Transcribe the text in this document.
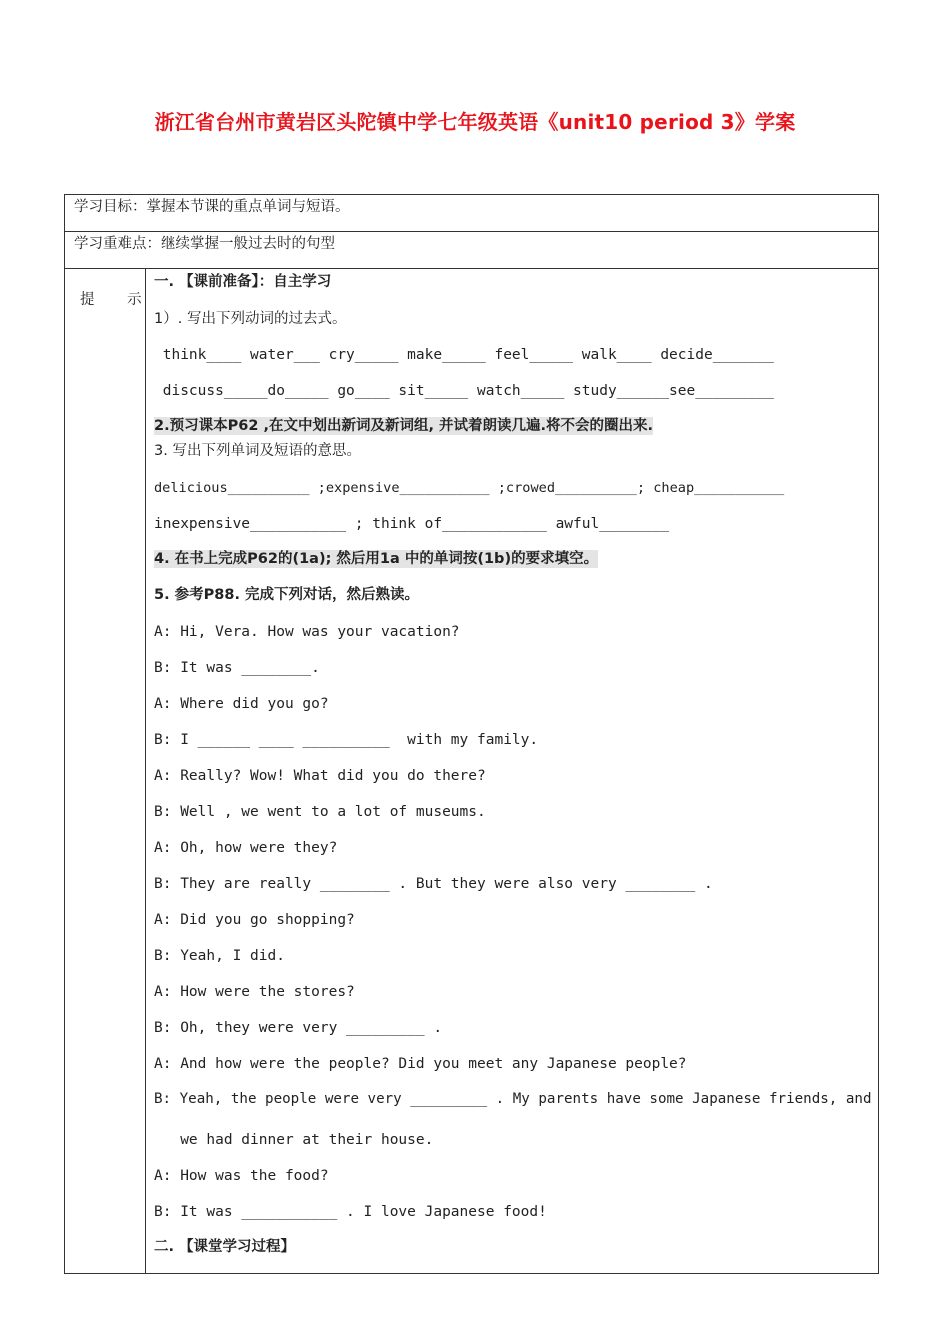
浙江省台州市黄岩区头陀镇中学七年级英语《unit10 period 3》学案
学习目标：掌握本节课的重点单词与短语。
学习重难点：继续掌握一般过去时的句型
提 示
一. 【课前准备】：自主学习
1）. 写出下列动词的过去式。
think____ water___ cry_____ make_____ feel_____ walk____ decide_______
discuss_____do_____ go____ sit_____ watch_____ study______see_________
2.预习课本P62 ,在文中划出新词及新词组, 并试着朗读几遍.将不会的圈出来.
3. 写出下列单词及短语的意思。
delicious__________ ;expensive___________ ;crowed__________; cheap___________
inexpensive___________ ; think of____________ awful________
4. 在书上完成P62的(1a); 然后用1a 中的单词按(1b)的要求填空。
5. 参考P88. 完成下列对话，然后熟读。
A: Hi, Vera. How was your vacation?
B: It was ________.
A: Where did you go?
B: I ______ ____ __________  with my family.
A: Really? Wow! What did you do there?
B: Well , we went to a lot of museums.
A: Oh, how were they?
B: They are really ________ . But they were also very ________ .
A: Did you go shopping?
B: Yeah, I did.
A: How were the stores?
B: Oh, they were very _________ .
A: And how were the people? Did you meet any Japanese people?
B: Yeah, the people were very _________ . My parents have some Japanese friends, and
we had dinner at their house.
A: How was the food?
B: It was ___________ . I love Japanese food!
二. 【课堂学习过程】
